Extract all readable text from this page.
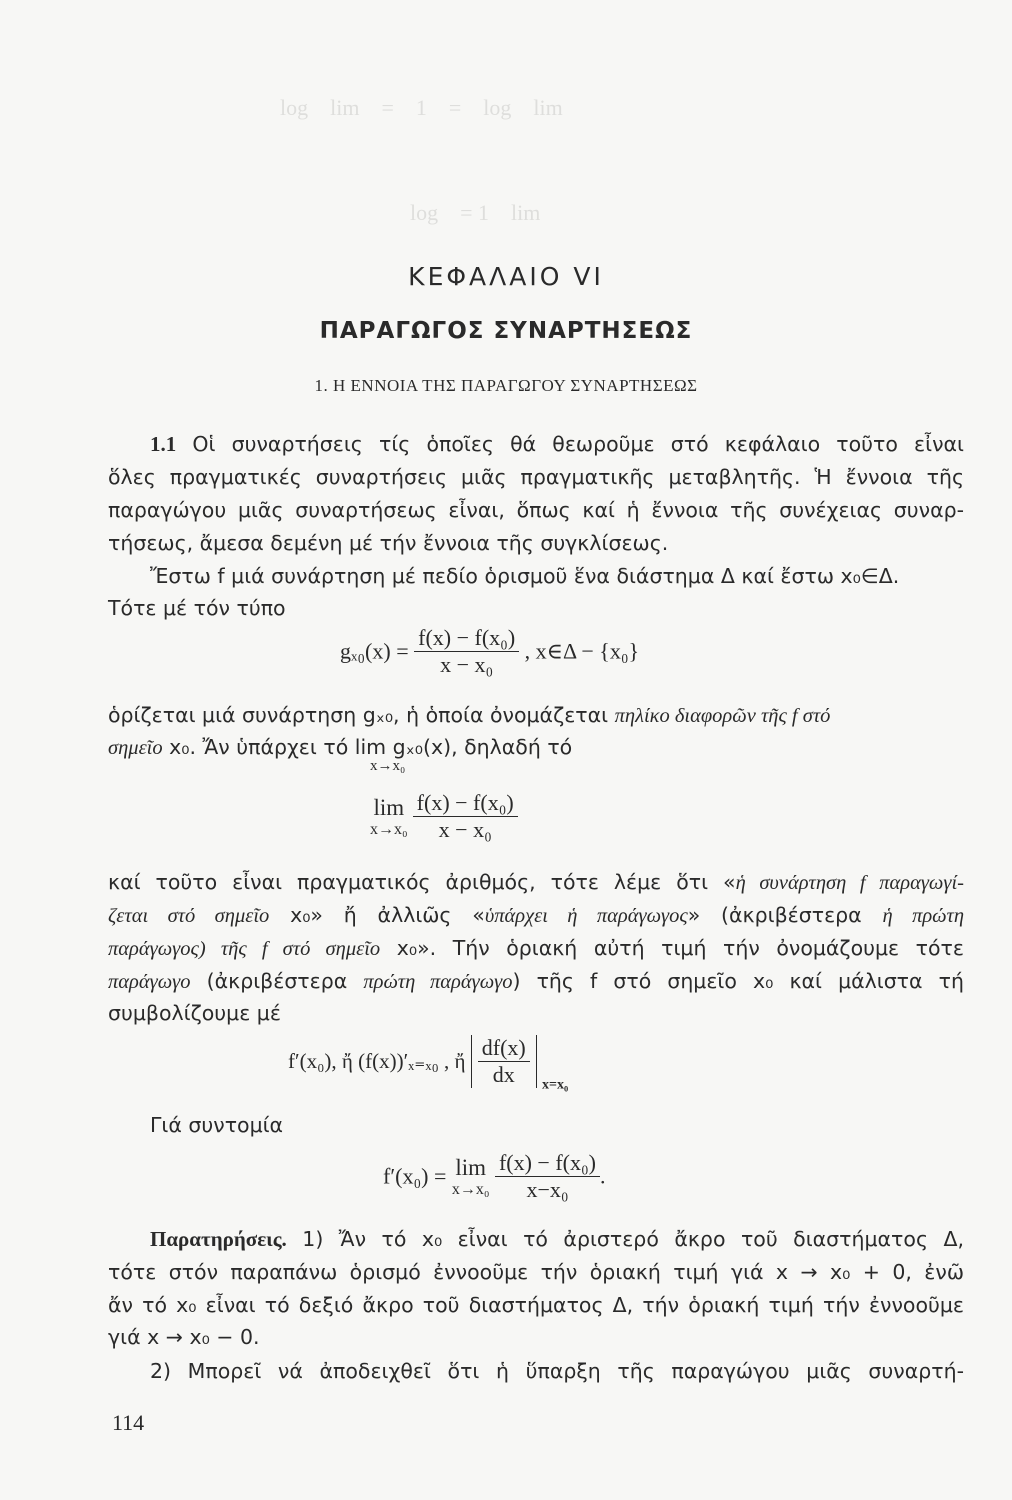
log    lim    =    1    =    log    lim
log    = 1    lim
ΚΕΦΑΛΑΙΟ VI
ΠΑΡΑΓΩΓΟΣ ΣΥΝΑΡΤΗΣΕΩΣ
1. Η ΕΝΝΟΙΑ ΤΗΣ ΠΑΡΑΓΩΓΟΥ ΣΥΝΑΡΤΗΣΕΩΣ
1.1 Οἱ συναρτήσεις τίς ὁποῖες θά θεωροῦμε στό κεφάλαιο τοῦτο εἶναι
ὅλες πραγματικές συναρτήσεις μιᾶς πραγματικῆς μεταβλητῆς. Ἡ ἔννοια τῆς
παραγώγου μιᾶς συναρτήσεως εἶναι, ὅπως καί ἡ ἔννοια τῆς συνέχειας συναρ-
τήσεως, ἄμεσα δεμένη μέ τήν ἔννοια τῆς συγκλίσεως.
Ἔστω f μιά συνάρτηση μέ πεδίο ὁρισμοῦ ἕνα διάστημα Δ καί ἔστω x₀∈Δ.
Τότε μέ τόν τύπο
$g_{x0}(x) = \frac{\text{f(x) − f(x₀)}}{\text{x − x₀}}$ , x∈Δ − {x₀}
ὁρίζεται μιά συνάρτηση gₓ₀, ἡ ὁποία ὀνομάζεται πηλίκο διαφορῶν τῆς f στό
σημεῖο x₀. Ἄν ὑπάρχει τό lim gₓ₀(x), δηλαδή τό
x→x₀
lim
x→x₀
$\frac{\text{f(x) − f(x₀)}}{\text{x − x₀}}$
καί τοῦτο εἶναι πραγματικός ἀριθμός, τότε λέμε ὅτι «ἡ συνάρτηση f παραγωγί-
ζεται στό σημεῖο x₀» ἤ ἀλλιῶς «ὑπάρχει ἡ παράγωγος» (ἀκριβέστερα ἡ πρώτη
παράγωγος) τῆς f στό σημεῖο x₀». Τήν ὁριακή αὐτή τιμή τήν ὀνομάζουμε τότε
παράγωγο (ἀκριβέστερα πρώτη παράγωγο) τῆς f στό σημεῖο x₀ καί μάλιστα τή
συμβολίζουμε μέ
f′(x₀), ἤ (f(x))′ₓ₌ₓ₀ , ἤ $\frac{df(x)}{dx} _{x=x_0}$
Γιά συντομία
f′(x₀) = lim
x→x₀
$\frac{\text{f(x) − f(x₀)}}{\text{x−x₀}}$ .
Παρατηρήσεις. 1) Ἄν τό x₀ εἶναι τό ἀριστερό ἄκρο τοῦ διαστήματος Δ,
τότε στόν παραπάνω ὁρισμό ἐννοοῦμε τήν ὁριακή τιμή γιά x → x₀ + 0, ἐνῶ
ἄν τό x₀ εἶναι τό δεξιό ἄκρο τοῦ διαστήματος Δ, τήν ὁριακή τιμή τήν ἐννοοῦμε
γιά x → x₀ − 0.
2) Μπορεῖ νά ἀποδειχθεῖ ὅτι ἡ ὕπαρξη τῆς παραγώγου μιᾶς συναρτή-
114
